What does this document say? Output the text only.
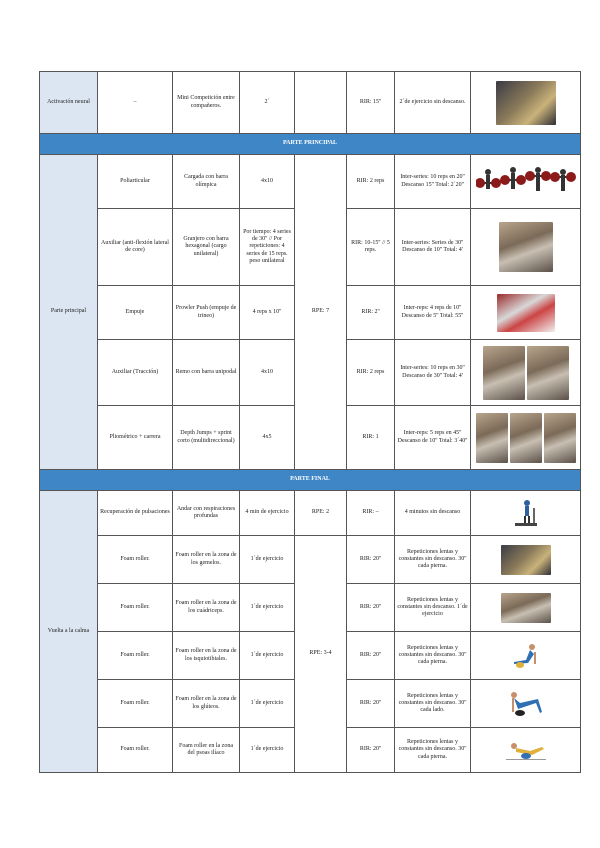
Activación neural	–	Mini Competición entre compañeros.	2´		RIR: 15''	2´de ejercicio sin descanso.	

PARTE PRINCIPAL							
Parte principal	Poliarticular	Cargada con barra olímpica	4x10	RPE: 7	RIR: 2 reps	Inter-series: 10 reps en 20'' Descanso 15'' Total: 2´20''	

	Auxiliar (anti-flexión lateral de core)	Granjero con barra hexagonal (cargo unilateral)	Por tiempo: 4 series de 30'' // Por repeticiones: 4 series de 15 reps. peso unilateral		RIR: 10-15'' // 5 reps.	Inter-series: Series de 30'' Descanso de 10'' Total: 4'	

	Empuje	Prowler Push (empuje de trineo)	4 reps x 10''		RIR: 2''	Inter-reps: 4 reps de 10'' Descanso de 5'' Total: 55''	

	Auxiliar (Tracción)	Remo con barra unipodal	4x10		RIR: 2 reps	Inter-series: 10 reps en 30'' Descanso de 30'' Total: 4'	

	Pliométrico + carrera	Depth Jumps + sprint corto (multidireccional)	4x5		RIR: 1	Inter-reps: 5 reps en 45'' Descanso de 10'' Total: 3´40''	

PARTE FINAL							
Vuelta a la calma	Recuperación de pulsaciones	Andar con respiraciones profundas	4 min de ejercicio	RPE: 2	RIR: –	4 minutos sin descanso	

	Foam roller.	Foam roller en la zona de los gemelos.	1´de ejercicio	RPE: 3-4	RIR: 20''	Repeticiones lentas y constantes sin descanso. 30'' cada pierna.	

	Foam roller.	Foam roller en la zona de los cuádriceps.	1´de ejercicio		RIR: 20''	Repeticiones lentas y constantes sin descanso. 1´de ejercicio	

	Foam roller.	Foam roller en la zona de los isquiotibiales.	1´de ejercicio		RIR: 20''	Repeticiones lentas y constantes sin descanso. 30'' cada pierna.	

	Foam roller.	Foam roller en la zona de los glúteos.	1´de ejercicio		RIR: 20''	Repeticiones lentas y constantes sin descanso. 30'' cada lado.	

	Foam roller.	Foam roller en la zona del psoas ilíaco	1´de ejercicio		RIR: 20''	Repeticiones lentas y constantes sin descanso. 30'' cada pierna.	
